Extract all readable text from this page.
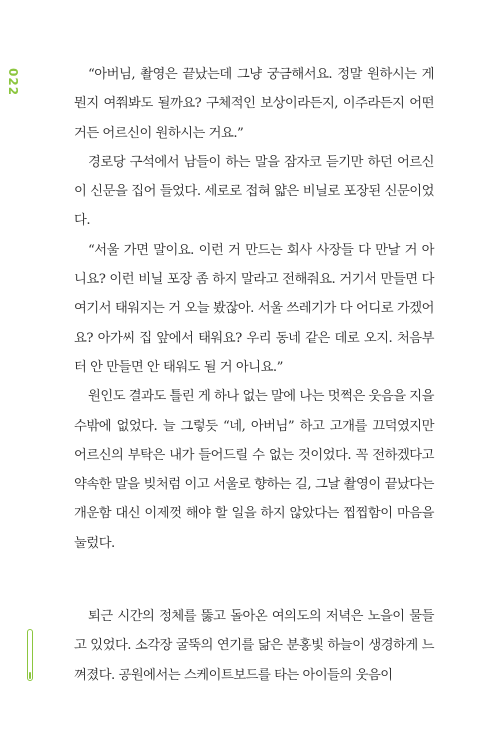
022	“아버님, 촬영은 끝났는데 그냥 궁금해서요. 정말 원하시는 게 뭔지 여쭤봐도 될까요? 구체적인 보상이라든지, 이주라든지 어떤 거든 어르신이 원하시는 거요.”

경로당 구석에서 남들이 하는 말을 잠자코 듣기만 하던 어르신이 신문을 집어 들었다. 세로로 접혀 얇은 비닐로 포장된 신문이었다.

“서울 가면 말이요. 이런 거 만드는 회사 사장들 다 만날 거 아니요? 이런 비닐 포장 좀 하지 말라고 전해줘요. 거기서 만들면 다 여기서 태워지는 거 오늘 봤잖아. 서울 쓰레기가 다 어디로 가겠어요? 아가씨 집 앞에서 태워요? 우리 동네 같은 데로 오지. 처음부터 안 만들면 안 태워도 될 거 아니요.”

원인도 결과도 틀린 게 하나 없는 말에 나는 멋쩍은 웃음을 지을 수밖에 없었다. 늘 그렇듯 “네, 아버님” 하고 고개를 끄덕였지만 어르신의 부탁은 내가 들어드릴 수 없는 것이었다. 꼭 전하겠다고 약속한 말을 빚처럼 이고 서울로 향하는 길, 그날 촬영이 끝났다는 개운함 대신 이제껏 해야 할 일을 하지 않았다는 찝찝함이 마음을 눌렀다.

퇴근 시간의 정체를 뚫고 돌아온 여의도의 저녁은 노을이 물들고 있었다. 소각장 굴뚝의 연기를 닮은 분홍빛 하늘이 생경하게 느껴졌다. 공원에서는 스케이트보드를 타는 아이들의 웃음이
